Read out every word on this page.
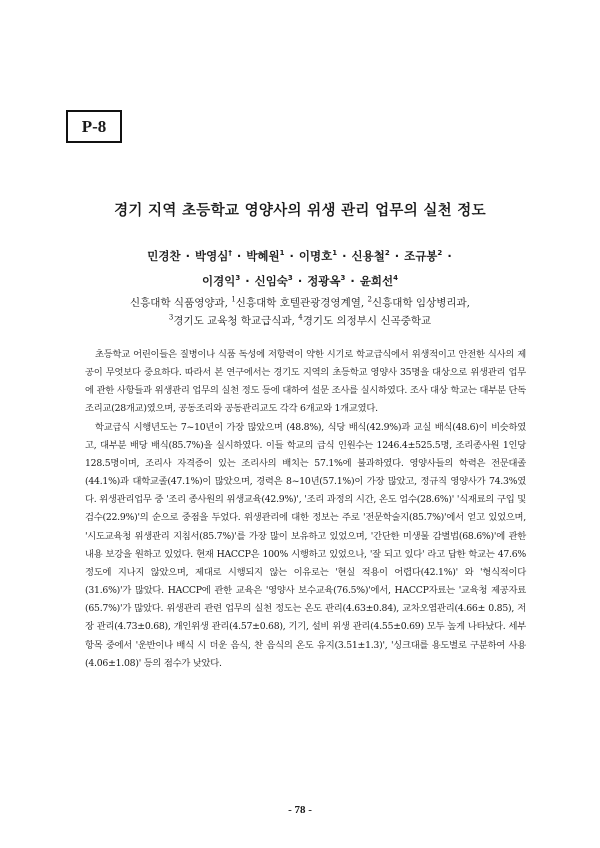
P-8
경기 지역 초등학교 영양사의 위생 관리 업무의 실천 정도
민경찬 · 박영심† · 박혜원$^1$ · 이명호$^1$ · 신용철$^2$ · 조규봉$^2$ ·
이경익$^3$ · 신임숙$^3$ · 정광옥$^3$ · 윤희선$^4$
신흥대학 식품영양과, $^1$신흥대학 호텔관광경영계열, $^2$신흥대학 임상병리과,
$^3$경기도 교육청 학교급식과, $^4$경기도 의정부시 신곡중학교

초등학교 어린이들은 질병이나 식품 독성에 저항력이 약한 시기로 학교급식에서 위생적이고 안전한 식사의 제공이 무엇보다 중요하다. 따라서 본 연구에서는 경기도 지역의 초등학교 영양사 35명을 대상으로 위생관리 업무에 관한 사항들과 위생관리 업무의 실천 정도 등에 대하여 설문 조사를 실시하였다. 조사 대상 학교는 대부분 단독 조리교(28개교)였으며, 공동조리와 공동관리교도 각각 6개교와 1개교였다.

학교급식 시행년도는 7~10년이 가장 많았으며 (48.8%), 식당 배식(42.9%)과 교실 배식(48.6)이 비슷하였고, 대부분 배당 배식(85.7%)을 실시하였다. 이들 학교의 급식 인원수는 1246.4±525.5명, 조리종사원 1인당 128.5명이며, 조리사 자격증이 있는 조리사의 배치는 57.1%에 불과하였다. 영양사들의 학력은 전문대졸(44.1%)과 대학교졸(47.1%)이 많았으며, 경력은 8~10년(57.1%)이 가장 많았고, 정규직 영양사가 74.3%였다. 위생관리업무 중 '조리 종사원의 위생교육(42.9%)', '조리 과정의 시간, 온도 엄수(28.6%)' '식재료의 구입 및 검수(22.9%)'의 순으로 중점을 두었다. 위생관리에 대한 정보는 주로 '전문학술지(85.7%)'에서 얻고 있었으며, '시도교육청 위생관리 지침서(85.7%)'를 가장 많이 보유하고 있었으며, '간단한 미생물 감별법(68.6%)'에 관한 내용 보강을 원하고 있었다. 현재 HACCP은 100% 시행하고 있었으나, '잘 되고 있다' 라고 답한 학교는 47.6% 정도에 지나지 않았으며, 제대로 시행되지 않는 이유로는 '현실 적용이 어렵다(42.1%)' 와 '형식적이다(31.6%)'가 많았다. HACCP에 관한 교육은 '영양사 보수교육(76.5%)'에서, HACCP자료는 '교육청 제공자료(65.7%)'가 많았다. 위생관리 관련 업무의 실천 정도는 온도 관리(4.63±0.84), 교차오염관리(4.66± 0.85), 저장 관리(4.73±0.68), 개인위생 관리(4.57±0.68), 기기, 설비 위생 관리(4.55±0.69) 모두 높게 나타났다. 세부 항목 중에서 '운반이나 배식 시 더운 음식, 찬 음식의 온도 유지(3.51±1.3)', '싱크대를 용도별로 구분하여 사용(4.06±1.08)' 등의 점수가 낮았다.

- 78 -
